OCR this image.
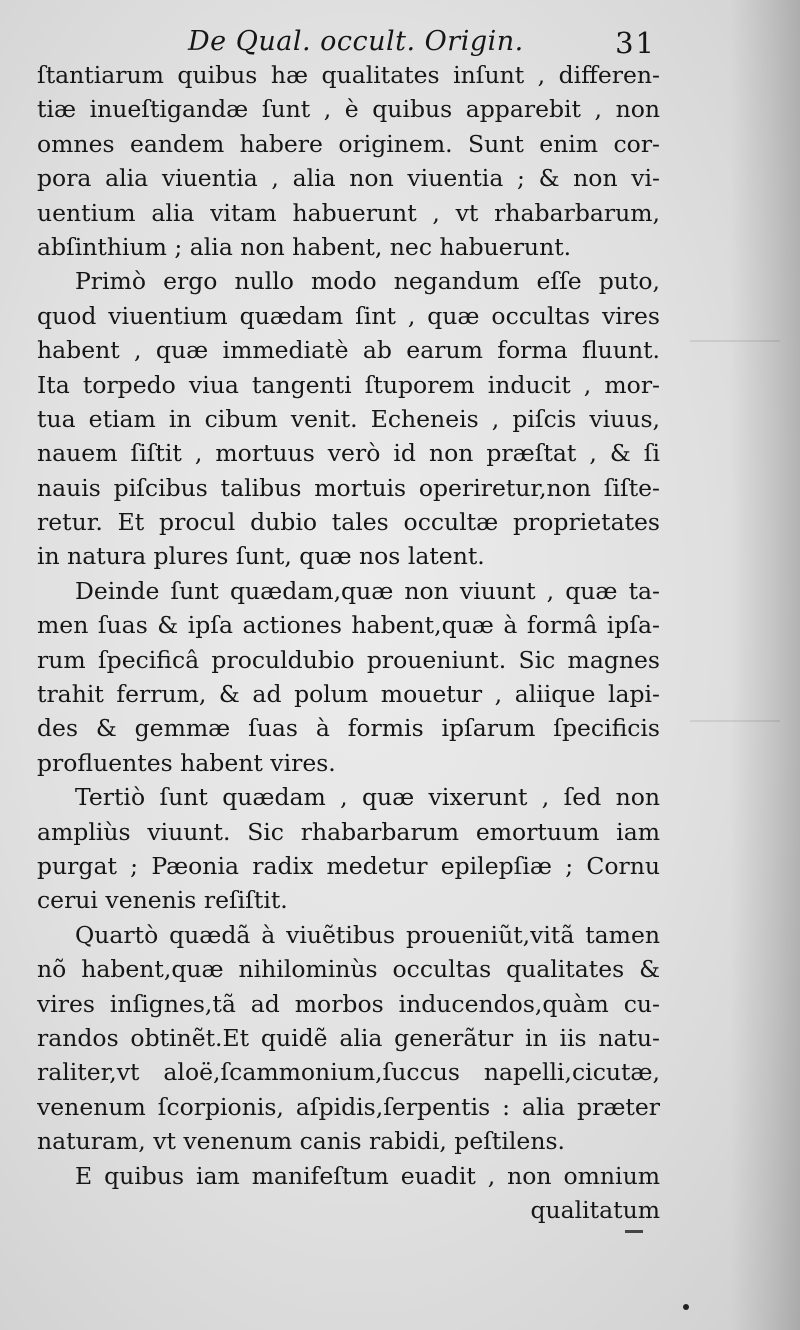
De Qual. occult. Origin.	31
ſtantiarum quibus hæ qualitates inſunt , differen-
tiæ inueſtigandæ ſunt , è quibus apparebit , non
omnes eandem habere originem. Sunt enim cor-
pora alia viuentia , alia non viuentia ; & non vi-
uentium alia vitam habuerunt , vt rhabarbarum,
abſinthium ; alia non habent, nec habuerunt.
Primò ergo nullo modo negandum eſſe puto,
quod viuentium quædam ſint , quæ occultas vires
habent , quæ immediatè ab earum forma fluunt.
Ita torpedo viua tangenti ſtuporem inducit , mor-
tua etiam in cibum venit. Echeneis , piſcis viuus,
nauem ſiſtit , mortuus verò id non præſtat , & ſi
nauis piſcibus talibus mortuis operiretur,non ſiſte-
retur. Et procul dubio tales occultæ proprietates
in natura plures ſunt, quæ nos latent.
Deinde ſunt quædam,quæ non viuunt , quæ ta-
men ſuas & ipſa actiones habent,quæ à formâ ipſa-
rum ſpecificâ proculdubio proueniunt. Sic magnes
trahit ferrum, & ad polum mouetur , aliique lapi-
des & gemmæ ſuas à formis ipſarum ſpecificis
profluentes habent vires.
Tertiò ſunt quædam , quæ vixerunt , ſed non
ampliùs viuunt. Sic rhabarbarum emortuum iam
purgat ; Pæonia radix medetur epilepſiæ ; Cornu
cerui venenis reſiſtit.
Quartò quædã à viuẽtibus proueniũt,vitã tamen
nõ habent,quæ nihilominùs occultas qualitates &
vires inſignes,tã ad morbos inducendos,quàm cu-
randos obtinẽt.Et quidẽ alia generãtur in iis natu-
raliter,vt aloë,ſcammonium,ſuccus napelli,cicutæ,
venenum ſcorpionis, aſpidis,ſerpentis : alia præter
naturam, vt venenum canis rabidi, peſtilens.
E quibus iam manifeſtum euadit , non omnium
qualitatum
